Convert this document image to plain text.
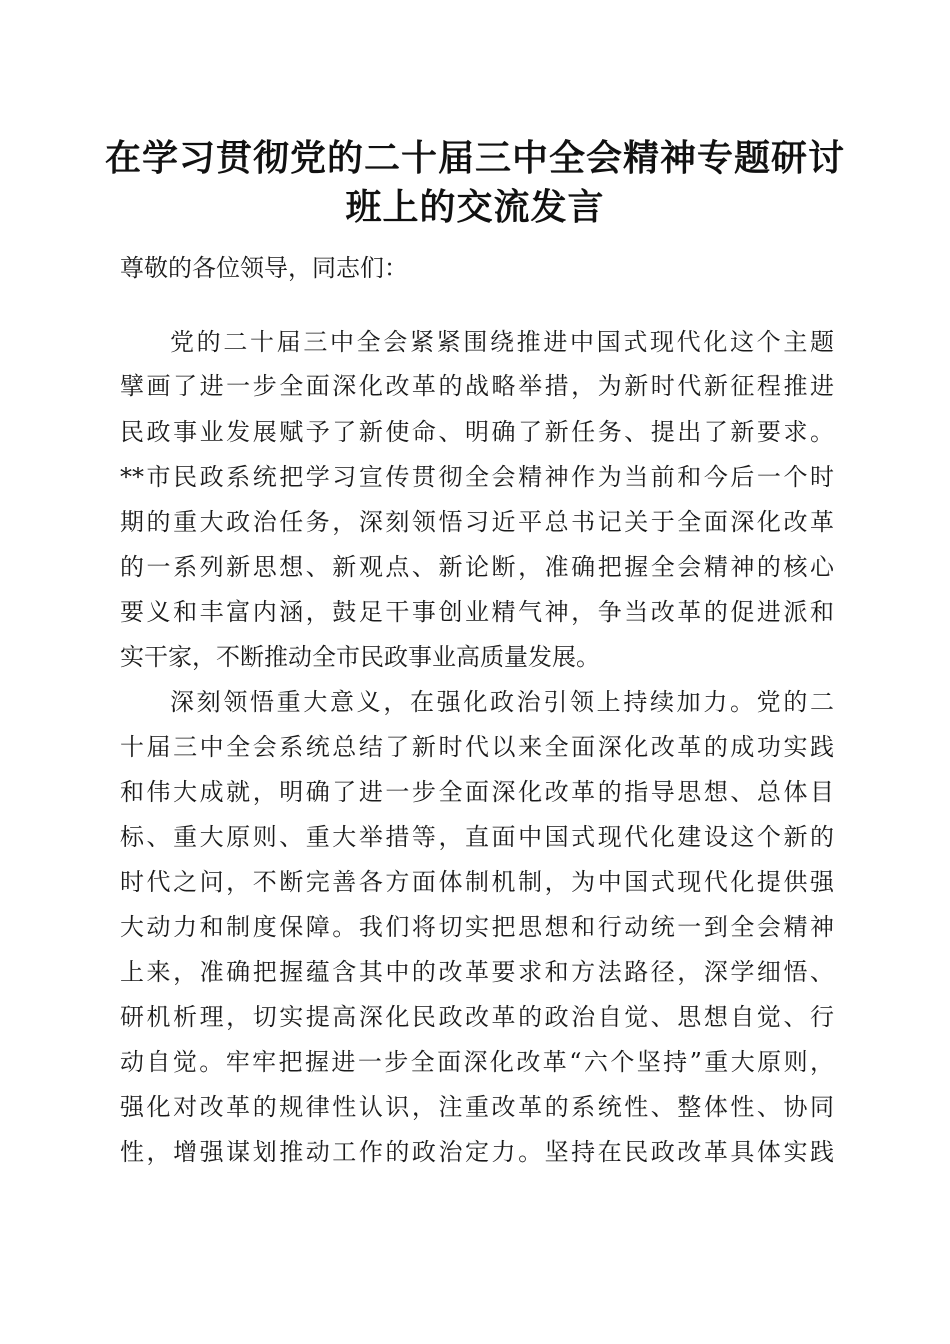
在学习贯彻党的二十届三中全会精神专题研讨
班上的交流发言
尊敬的各位领导，同志们：
党的二十届三中全会紧紧围绕推进中国式现代化这个主题
擘画了进一步全面深化改革的战略举措，为新时代新征程推进
民政事业发展赋予了新使命、明确了新任务、提出了新要求。
**市民政系统把学习宣传贯彻全会精神作为当前和今后一个时
期的重大政治任务，深刻领悟习近平总书记关于全面深化改革
的一系列新思想、新观点、新论断，准确把握全会精神的核心
要义和丰富内涵，鼓足干事创业精气神，争当改革的促进派和
实干家，不断推动全市民政事业高质量发展。
深刻领悟重大意义，在强化政治引领上持续加力。党的二
十届三中全会系统总结了新时代以来全面深化改革的成功实践
和伟大成就，明确了进一步全面深化改革的指导思想、总体目
标、重大原则、重大举措等，直面中国式现代化建设这个新的
时代之问，不断完善各方面体制机制，为中国式现代化提供强
大动力和制度保障。我们将切实把思想和行动统一到全会精神
上来，准确把握蕴含其中的改革要求和方法路径，深学细悟、
研机析理，切实提高深化民政改革的政治自觉、思想自觉、行
动自觉。牢牢把握进一步全面深化改革“六个坚持”重大原则，
强化对改革的规律性认识，注重改革的系统性、整体性、协同
性，增强谋划推动工作的政治定力。坚持在民政改革具体实践
